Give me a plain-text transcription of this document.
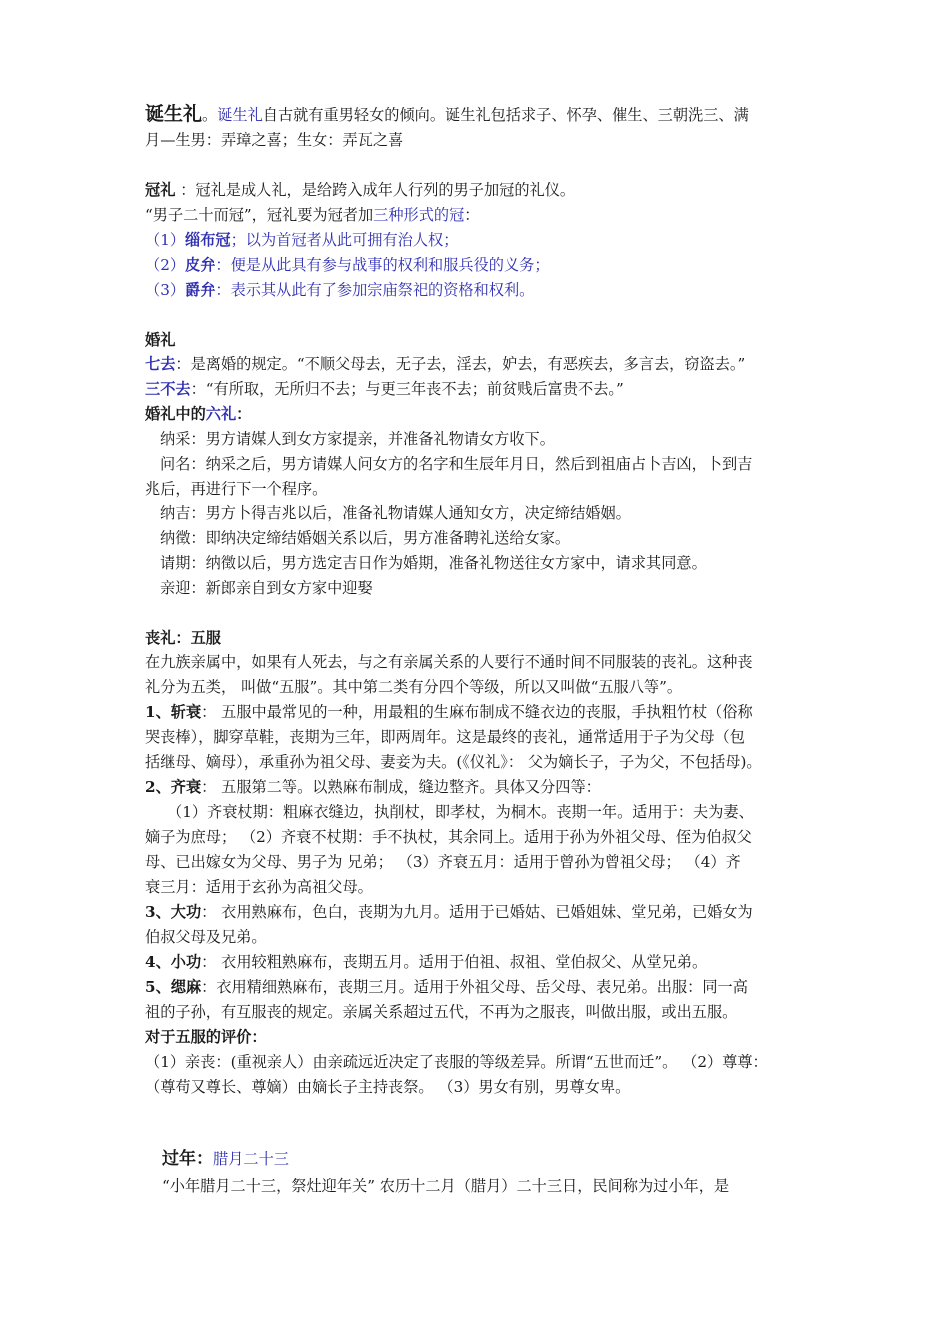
诞生礼。诞生礼自古就有重男轻女的倾向。诞生礼包括求子、怀孕、催生、三朝洗三、满
月—生男：弄璋之喜；生女：弄瓦之喜
冠礼 ：冠礼是成人礼，是给跨入成年人行列的男子加冠的礼仪。
“男子二十而冠”，冠礼要为冠者加三种形式的冠：
（1）缁布冠；以为首冠者从此可拥有治人权；
（2）皮弁：便是从此具有参与战事的权利和服兵役的义务；
（3）爵弁：表示其从此有了参加宗庙祭祀的资格和权利。
婚礼
七去：是离婚的规定。“不顺父母去，无子去，淫去，妒去，有恶疾去，多言去，窃盗去。”
三不去：“有所取，无所归不去；与更三年丧不去；前贫贱后富贵不去。”
婚礼中的六礼：
纳采：男方请媒人到女方家提亲，并准备礼物请女方收下。
问名：纳采之后，男方请媒人问女方的名字和生辰年月日，然后到祖庙占卜吉凶，卜到吉
兆后，再进行下一个程序。
纳吉：男方卜得吉兆以后，准备礼物请媒人通知女方，决定缔结婚姻。
纳徵：即纳决定缔结婚姻关系以后，男方准备聘礼送给女家。
请期：纳徵以后，男方选定吉日作为婚期，准备礼物送往女方家中，请求其同意。
亲迎：新郎亲自到女方家中迎娶
丧礼：五服
在九族亲属中，如果有人死去，与之有亲属关系的人要行不通时间不同服装的丧礼。这种丧
礼分为五类， 叫做“五服”。其中第二类有分四个等级，所以又叫做“五服八等”。
1、斩衰： 五服中最常见的一种，用最粗的生麻布制成不缝衣边的丧服，手执粗竹杖（俗称
哭丧棒），脚穿草鞋，丧期为三年，即两周年。这是最终的丧礼，通常适用于子为父母（包
括继母、嫡母），承重孙为祖父母、妻妾为夫。(《仪礼》： 父为嫡长子，子为父，不包括母)。
2、齐衰： 五服第二等。以熟麻布制成，缝边整齐。具体又分四等：
（1）齐衰杖期：粗麻衣缝边，执削杖，即孝杖，为桐木。丧期一年。适用于：夫为妻、
嫡子为庶母； （2）齐衰不杖期：手不执杖，其余同上。适用于孙为外祖父母、侄为伯叔父
母、已出嫁女为父母、男子为 兄弟； （3）齐衰五月：适用于曾孙为曾祖父母； （4）齐
衰三月：适用于玄孙为高祖父母。
3、大功： 衣用熟麻布，色白，丧期为九月。适用于已婚姑、已婚姐妹、堂兄弟，已婚女为
伯叔父母及兄弟。
4、小功： 衣用较粗熟麻布，丧期五月。适用于伯祖、叔祖、堂伯叔父、从堂兄弟。
5、缌麻：衣用精细熟麻布，丧期三月。适用于外祖父母、岳父母、表兄弟。出服：同一高
祖的子孙，有互服丧的规定。亲属关系超过五代，不再为之服丧，叫做出服，或出五服。
对于五服的评价：
（1）亲丧：(重视亲人）由亲疏远近决定了丧服的等级差异。所谓“五世而迁”。 （2）尊尊：
（尊苟又尊长、尊嫡）由嫡长子主持丧祭。 （3）男女有别，男尊女卑。
过年：腊月二十三
“小年腊月二十三，祭灶迎年关” 农历十二月（腊月）二十三日，民间称为过小年，是
